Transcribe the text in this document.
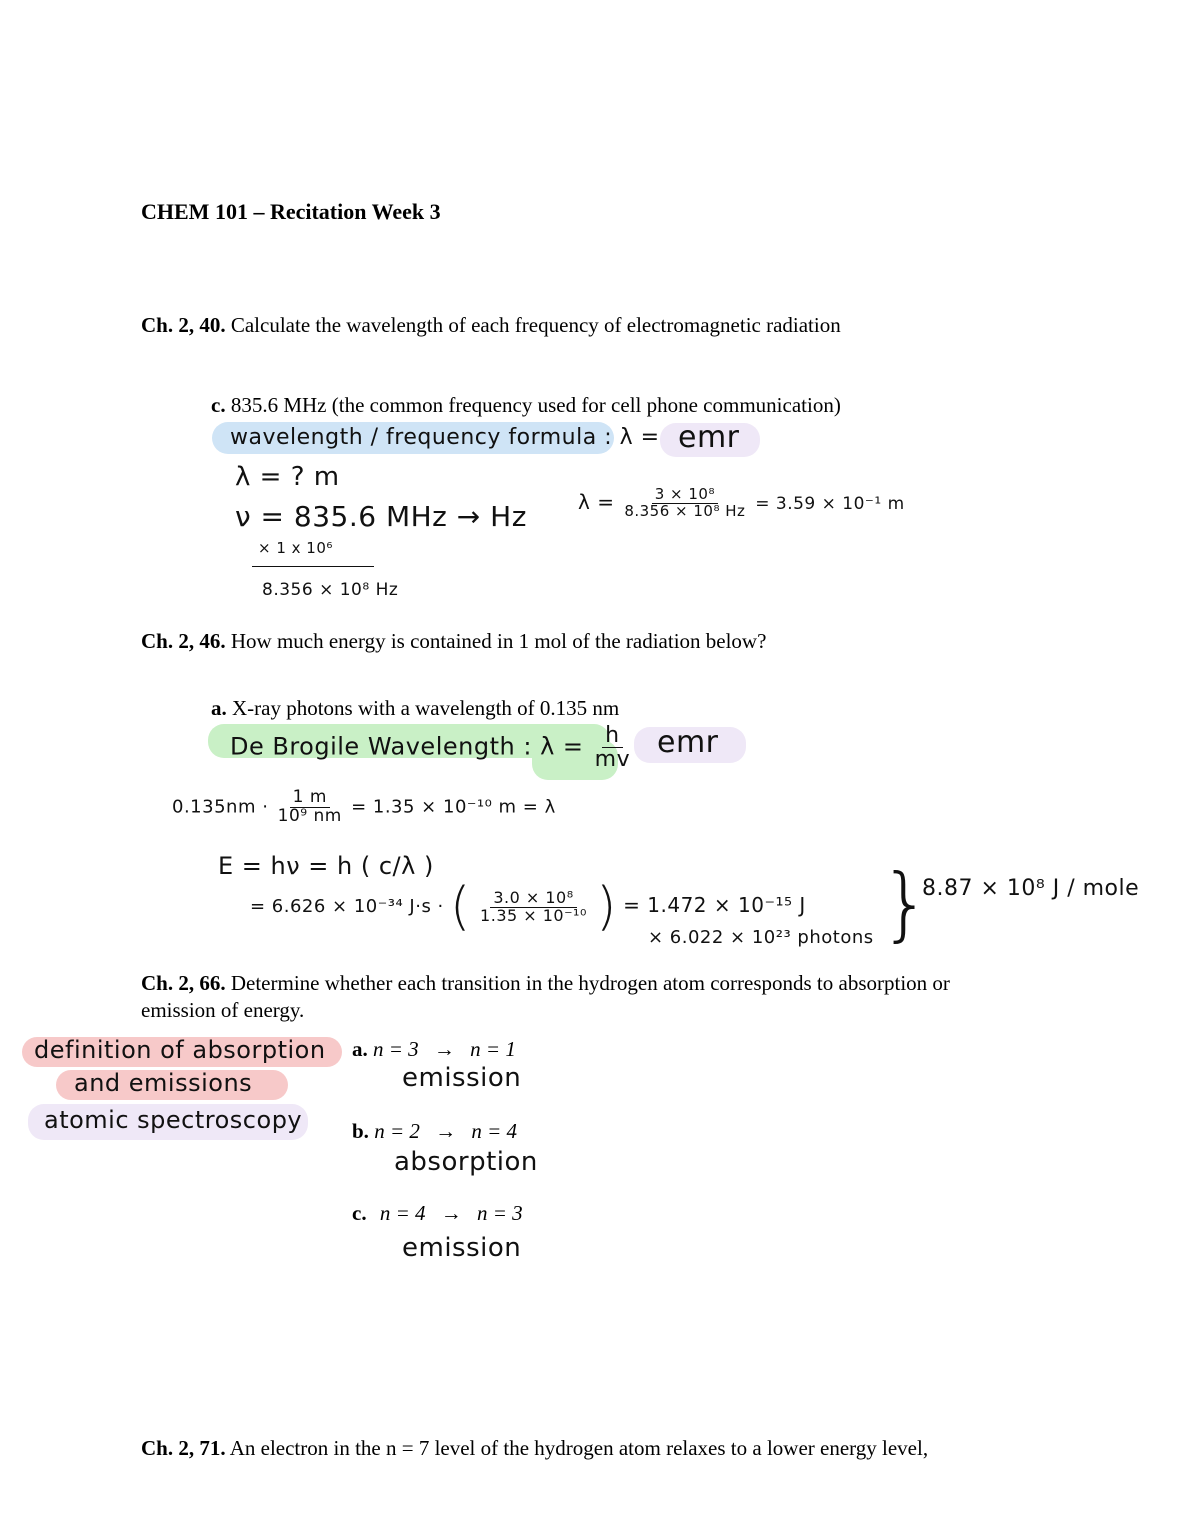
CHEM 101 – Recitation Week 3
Ch. 2, 40. Calculate the wavelength of each frequency of electromagnetic radiation
c. 835.6 MHz (the common frequency used for cell phone communication)
wavelength / frequency formula : λ = emr
λ = ? m
ν = 835.6 MHz → Hz
× 1 x 10⁶
8.356 × 10⁸ Hz
$\lambda = \frac{\text{3 × 10⁸}}{\text{8.356 × 10⁸ Hz}} = 3.59 \times 10^{-1}$ m
Ch. 2, 46. How much energy is contained in 1 mol of the radiation below?
a. X-ray photons with a wavelength of 0.135 nm
De Brogile Wavelength : $\lambda = \frac{h}{mv}$ emr
$0.135nm \cdot \frac{1 m}{\text{10⁹ nm}} = 1.35 \times 10^{-10}$ m = λ
E = hν = h ( c/λ )
= 6.626 × 10⁻³⁴ J·s · ( $\frac{\text{3.0 × 10⁸}}{\text{1.35 × 10⁻¹⁰}}$ ) = 1.472 × 10⁻¹⁵ J
× 6.022 × 10²³ photons }
8.87 × 10⁸ J / mole
Ch. 2, 66. Determine whether each transition in the hydrogen atom corresponds to absorption or
emission of energy.
definition of absorption
and emissions
atomic spectroscopy
a. n = 3 → n = 1
emission
b. n = 2 → n = 4
absorption
c. n = 4 → n = 3
emission
Ch. 2, 71. An electron in the n = 7 level of the hydrogen atom relaxes to a lower energy level,
